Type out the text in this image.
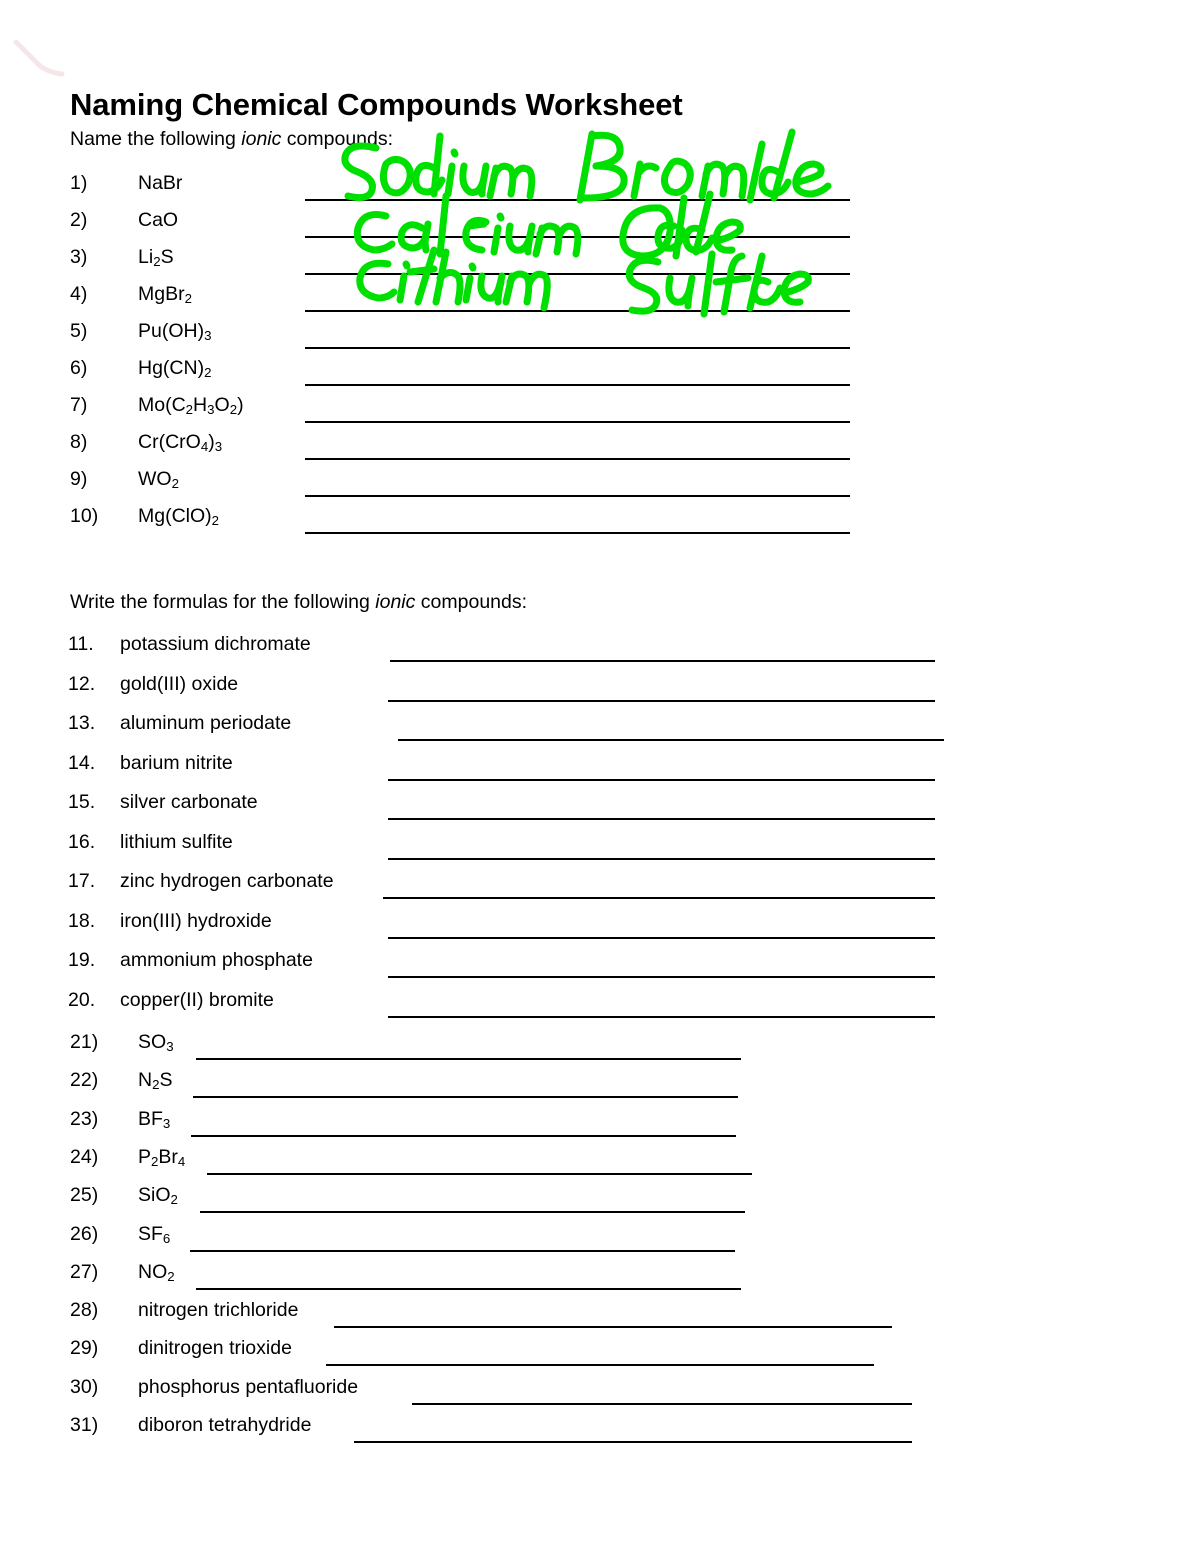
Naming Chemical Compounds Worksheet
Name the following ionic compounds:
1)	NaBr
2)	CaO
3)	$Li_2S$
4)	MgBr$_2$
5)	$Pu(OH)_3$
6)	$Hg(CN)_2$
7)	$Mo(C_2H_3O_2)$
8)	$Cr(CrO_4)_3$
9)	$WO_2$
10) $Mg(ClO)_2$
Write the formulas for the following ionic compounds:
11. potassium dichromate
12. gold(III) oxide
13. aluminum periodate
14. barium nitrite
15. silver carbonate
16. lithium sulfite
17. zinc hydrogen carbonate
18. iron(III) hydroxide
19. ammonium phosphate
20. copper(II) bromite
21) $SO_3$
22) $N_2S$
23) $BF_3$
24) $P_2Br_4$
25) SiO$_2$
26) $SF_6$
27) $NO_2$
28) nitrogen trichloride
29) dinitrogen trioxide
30) phosphorus pentafluoride
31) diboron tetrahydride
